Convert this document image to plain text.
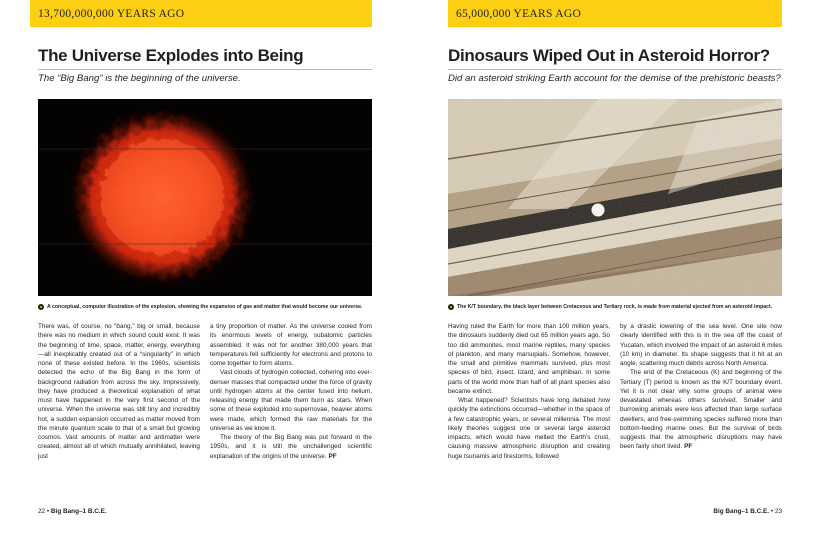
13,700,000,000 YEARS AGO
The Universe Explodes into Being

The “Big Bang” is the beginning of the universe.

A conceptual, computer illustration of the explosion, showing the expansion of gas and matter that would become our universe.

There was, of course, no “bang,” big or small, because there was no medium in which sound could exist. It was the beginning of time, space, matter, energy, everything—all inexplicably created out of a “singularity” in which none of these existed before. In the 1960s, scientists detected the echo of the Big Bang in the form of background radiation from across the sky. Impressively, they have produced a theoretical explanation of what must have happened in the very first second of the universe. When the universe was still tiny and incredibly hot, a sudden expansion occurred as matter moved from the minute quantum scale to that of a small but growing cosmos. Vast amounts of matter and antimatter were created, almost all of which mutually annihilated, leaving just

a tiny proportion of matter. As the universe cooled from its enormous levels of energy, subatomic particles assembled. It was not for another 380,000 years that temperatures fell sufficiently for electrons and protons to come together to form atoms.

Vast clouds of hydrogen collected, cohering into ever-denser masses that compacted under the force of gravity until hydrogen atoms at the center fused into helium, releasing energy that made them burn as stars. When some of these exploded into supernovae, heavier atoms were made, which formed the raw materials for the universe as we know it.

The theory of the Big Bang was put forward in the 1950s, and it is still the unchallenged scientific explanation of the origins of the universe. PF

22 • Big Bang–1 B.C.E.
65,000,000 YEARS AGO
Dinosaurs Wiped Out in Asteroid Horror?

Did an asteroid striking Earth account for the demise of the prehistoric beasts?

The K/T boundary, the black layer between Cretaceous and Tertiary rock, is made from material ejected from an asteroid impact.

Having ruled the Earth for more than 100 million years, the dinosaurs suddenly died out 65 million years ago. So too did ammonites, most marine reptiles, many species of plankton, and many marsupials. Somehow, however, the small and primitive mammals survived, plus most species of bird, insect, lizard, and amphibian. In some parts of the world more than half of all plant species also became extinct.

What happened? Scientists have long debated how quickly the extinctions occurred—whether in the space of a few catastrophic years, or several millennia. The most likely theories suggest one or several large asteroid impacts, which would have melted the Earth’s crust, causing massive atmospheric disruption and creating huge tsunamis and firestorms, followed

by a drastic lowering of the sea level. One site now clearly identified with this is in the sea off the coast of Yucatan, which involved the impact of an asteroid 6 miles (10 km) in diameter. Its shape suggests that it hit at an angle, scattering much debris across North America.

The end of the Cretaceous (K) and beginning of the Tertiary (T) period is known as the K/T boundary event. Yet it is not clear why some groups of animal were devastated whereas others survived. Smaller and burrowing animals were less affected than large surface dwellers, and free-swimming species suffered more than bottom-feeding marine ones. But the survival of birds suggests that the atmospheric disruptions may have been fairly short lived. PF

Big Bang–1 B.C.E. • 23
